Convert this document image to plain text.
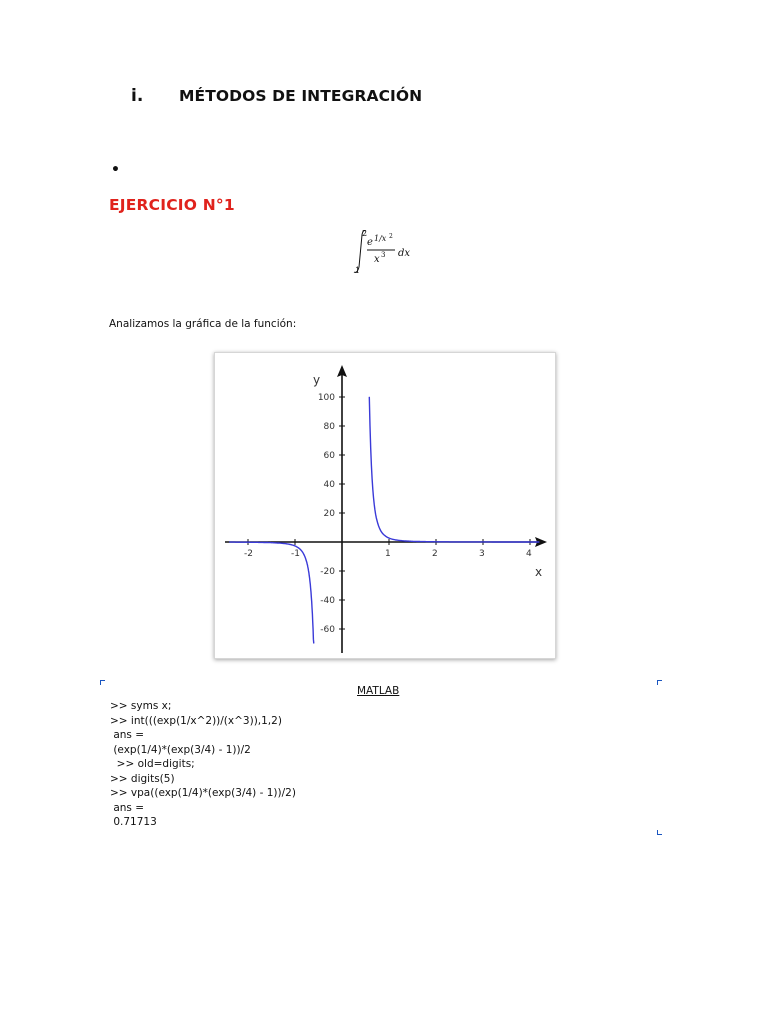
i. MÉTODOS DE INTEGRACIÓN
•
EJERCICIO N°1
2
1
e 1/x 2
x 3 dx
Analizamos la gráfica de la función:
-2	-1	1	2	3	4
-60
-40
-20
20
40
60
80
100
x
y
MATLAB
>> syms x;
>> int(((exp(1/x^2))/(x^3)),1,2)
ans =
(exp(1/4)*(exp(3/4) - 1))/2
>> old=digits;
>> digits(5)
>> vpa((exp(1/4)*(exp(3/4) - 1))/2)
ans =
0.71713
